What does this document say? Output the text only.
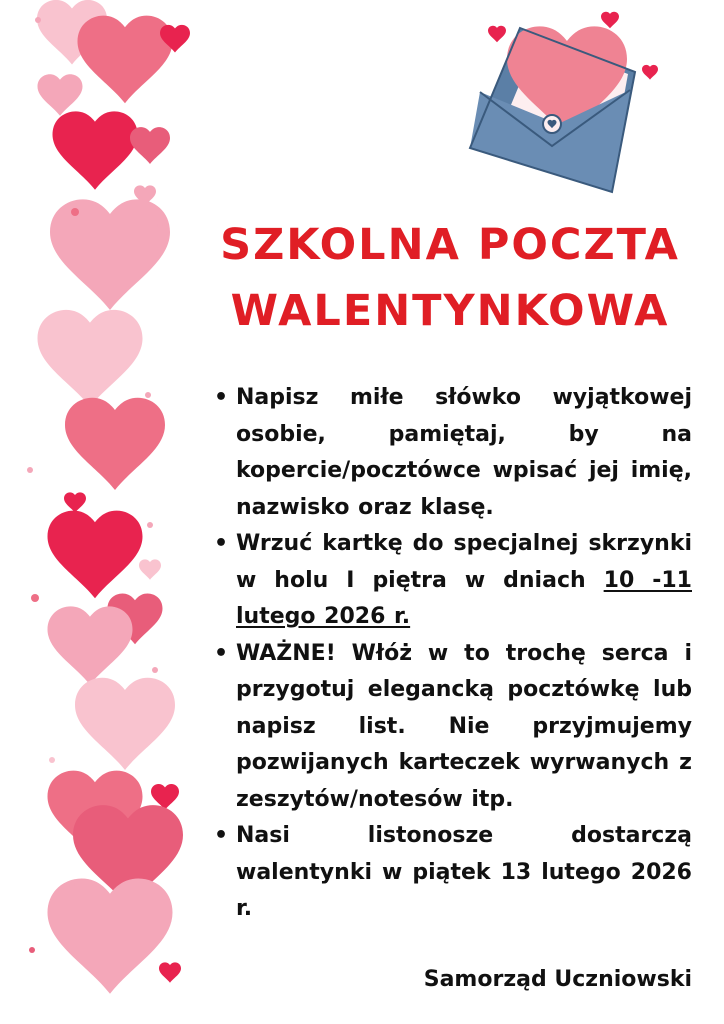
SZKOLNA POCZTA
WALENTYNKOWA
• Napisz miłe słówko wyjątkowej osobie, pamiętaj, by na kopercie/pocztówce wpisać jej imię, nazwisko oraz klasę.
• Wrzuć kartkę do specjalnej skrzynki w holu I piętra w dniach 10 -11 lutego 2026 r.
• WAŻNE! Włóż w to trochę serca i przygotuj elegancką pocztówkę lub napisz list. Nie przyjmujemy pozwijanych karteczek wyrwanych z zeszytów/notesów itp.
• Nasi listonosze dostarczą walentynki w piątek 13 lutego 2026 r.
Samorząd Uczniowski
